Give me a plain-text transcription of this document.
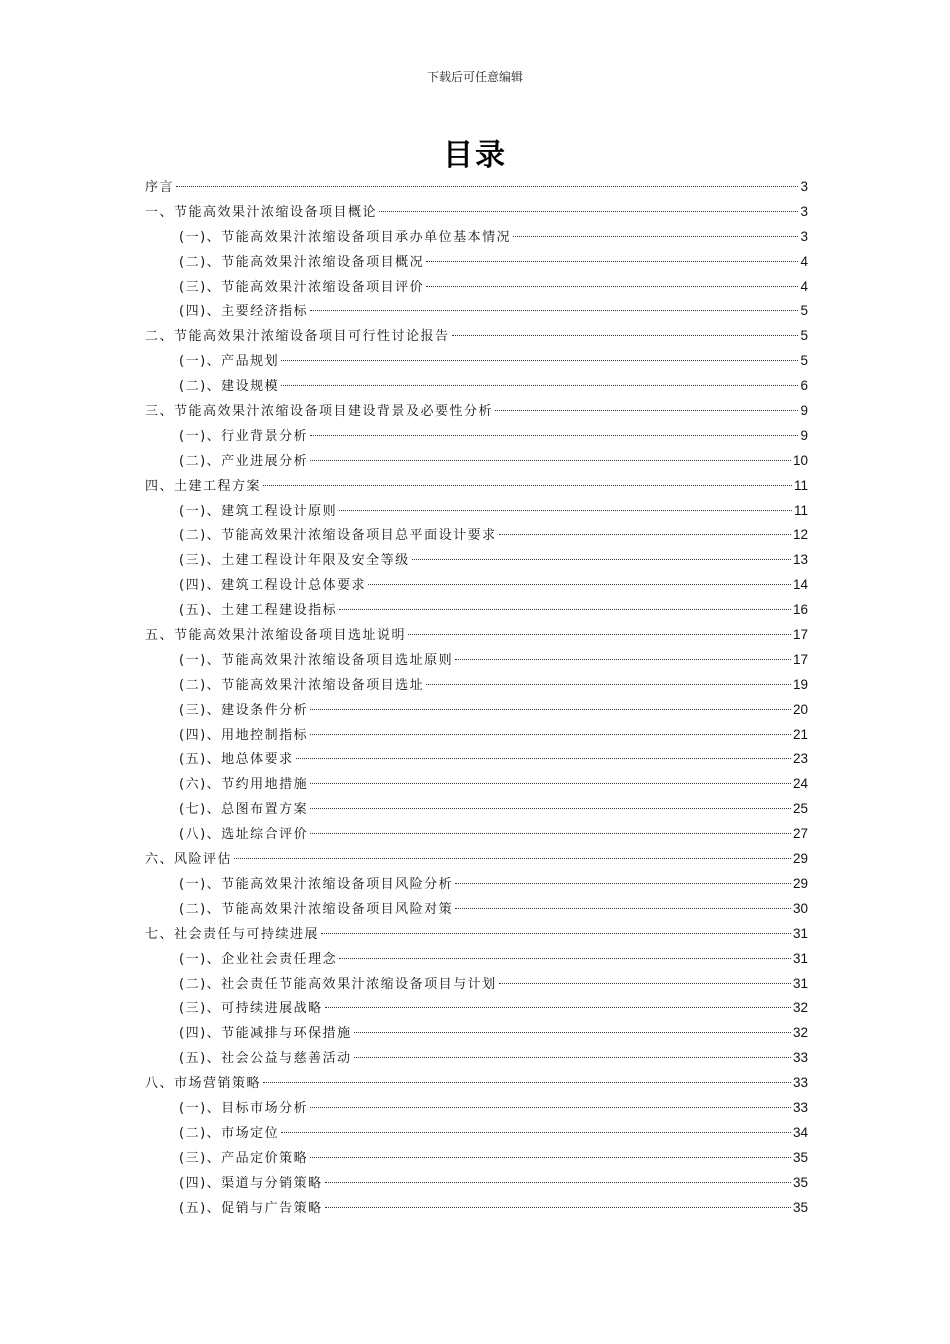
下载后可任意编辑
目录
序言	3
一、节能高效果汁浓缩设备项目概论	3
(一)、节能高效果汁浓缩设备项目承办单位基本情况	3
(二)、节能高效果汁浓缩设备项目概况	4
(三)、节能高效果汁浓缩设备项目评价	4
(四)、主要经济指标	5
二、节能高效果汁浓缩设备项目可行性讨论报告	5
(一)、产品规划	5
(二)、建设规模	6
三、节能高效果汁浓缩设备项目建设背景及必要性分析	9
(一)、行业背景分析	9
(二)、产业进展分析	10
四、土建工程方案	11
(一)、建筑工程设计原则	11
(二)、节能高效果汁浓缩设备项目总平面设计要求	12
(三)、土建工程设计年限及安全等级	13
(四)、建筑工程设计总体要求	14
(五)、土建工程建设指标	16
五、节能高效果汁浓缩设备项目选址说明	17
(一)、节能高效果汁浓缩设备项目选址原则	17
(二)、节能高效果汁浓缩设备项目选址	19
(三)、建设条件分析	20
(四)、用地控制指标	21
(五)、地总体要求	23
(六)、节约用地措施	24
(七)、总图布置方案	25
(八)、选址综合评价	27
六、风险评估	29
(一)、节能高效果汁浓缩设备项目风险分析	29
(二)、节能高效果汁浓缩设备项目风险对策	30
七、社会责任与可持续进展	31
(一)、企业社会责任理念	31
(二)、社会责任节能高效果汁浓缩设备项目与计划	31
(三)、可持续进展战略	32
(四)、节能减排与环保措施	32
(五)、社会公益与慈善活动	33
八、市场营销策略	33
(一)、目标市场分析	33
(二)、市场定位	34
(三)、产品定价策略	35
(四)、渠道与分销策略	35
(五)、促销与广告策略	35
